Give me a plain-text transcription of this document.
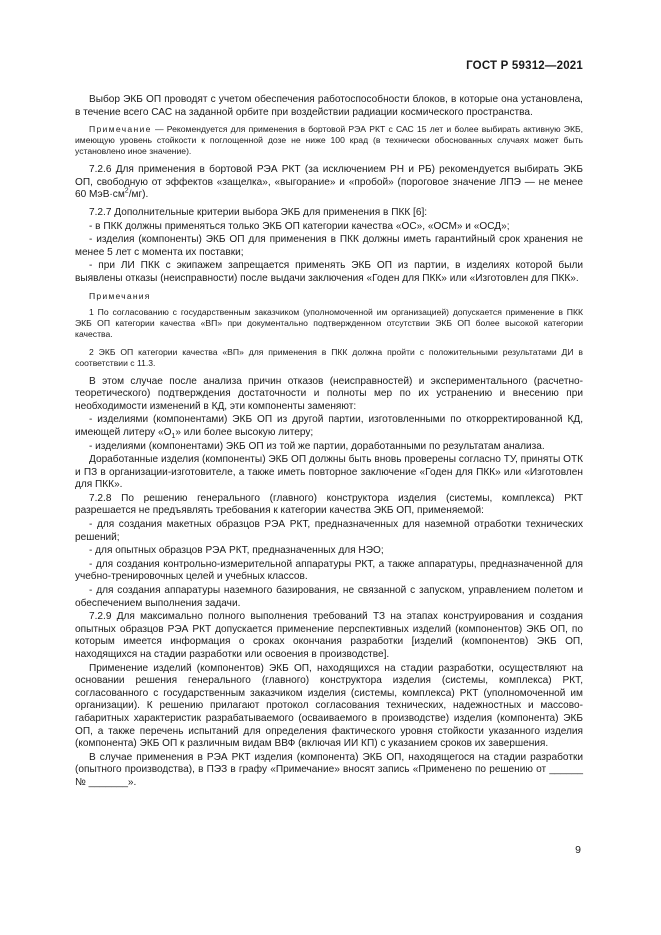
ГОСТ Р 59312—2021

Выбор ЭКБ ОП проводят с учетом обеспечения работоспособности блоков, в которые она установлена, в течение всего САС на заданной орбите при воздействии радиации космического пространства.

Примечание — Рекомендуется для применения в бортовой РЭА РКТ с САС 15 лет и более выбирать активную ЭКБ, имеющую уровень стойкости к поглощенной дозе не ниже 100 крад (в технически обоснованных случаях может быть установлено иное значение).

7.2.6 Для применения в бортовой РЭА РКТ (за исключением РН и РБ) рекомендуется выбирать ЭКБ ОП, свободную от эффектов «защелка», «выгорание» и «пробой» (пороговое значение ЛПЭ — не менее 60 $МэВ\cdot см^2/мг$).

7.2.7 Дополнительные критерии выбора ЭКБ для применения в ПКК [6]:

- в ПКК должны применяться только ЭКБ ОП категории качества «ОС», «ОСМ» и «ОСД»;

- изделия (компоненты) ЭКБ ОП для применения в ПКК должны иметь гарантийный срок хранения не менее 5 лет с момента их поставки;

- при ЛИ ПКК с экипажем запрещается применять ЭКБ ОП из партии, в изделиях которой были выявлены отказы (неисправности) после выдачи заключения «Годен для ПКК» или «Изготовлен для ПКК».

Примечания

1 По согласованию с государственным заказчиком (уполномоченной им организацией) допускается применение в ПКК ЭКБ ОП категории качества «ВП» при документально подтвержденном отсутствии ЭКБ ОП более высокой категории качества.

2 ЭКБ ОП категории качества «ВП» для применения в ПКК должна пройти с положительными результатами ДИ в соответствии с 11.3.

В этом случае после анализа причин отказов (неисправностей) и экспериментального (расчетно-теоретического) подтверждения достаточности и полноты мер по их устранению и внесению при необходимости изменений в КД, эти компоненты заменяют:

- изделиями (компонентами) ЭКБ ОП из другой партии, изготовленными по откорректированной КД, имеющей литеру «$О_1$» или более высокую литеру;

- изделиями (компонентами) ЭКБ ОП из той же партии, доработанными по результатам анализа.

Доработанные изделия (компоненты) ЭКБ ОП должны быть вновь проверены согласно ТУ, приняты ОТК и ПЗ в организации-изготовителе, а также иметь повторное заключение «Годен для ПКК» или «Изготовлен для ПКК».

7.2.8 По решению генерального (главного) конструктора изделия (системы, комплекса) РКТ разрешается не предъявлять требования к категории качества ЭКБ ОП, применяемой:

- для создания макетных образцов РЭА РКТ, предназначенных для наземной отработки технических решений;

- для опытных образцов РЭА РКТ, предназначенных для НЭО;

- для создания контрольно-измерительной аппаратуры РКТ, а также аппаратуры, предназначенной для учебно-тренировочных целей и учебных классов.

- для создания аппаратуры наземного базирования, не связанной с запуском, управлением полетом и обеспечением выполнения задачи.

7.2.9 Для максимально полного выполнения требований ТЗ на этапах конструирования и создания опытных образцов РЭА РКТ допускается применение перспективных изделий (компонентов) ЭКБ ОП, по которым имеется информация о сроках окончания разработки [изделий (компонентов) ЭКБ ОП, находящихся на стадии разработки или освоения в производстве].

Применение изделий (компонентов) ЭКБ ОП, находящихся на стадии разработки, осуществляют на основании решения генерального (главного) конструктора изделия (системы, комплекса) РКТ, согласованного с государственным заказчиком изделия (системы, комплекса) РКТ (уполномоченной им организации). К решению прилагают протокол согласования технических, надежностных и массово-габаритных характеристик разрабатываемого (осваиваемого в производстве) изделия (компонента) ЭКБ ОП, а также перечень испытаний для определения фактического уровня стойкости указанного изделия (компонента) ЭКБ ОП к различным видам ВВФ (включая ИИ КП) с указанием сроков их завершения.

В случае применения в РЭА РКТ изделия (компонента) ЭКБ ОП, находящегося на стадии разработки (опытного производства), в ПЭЗ в графу «Примечание» вносят запись «Применено по решению от ______ № _______».

9
